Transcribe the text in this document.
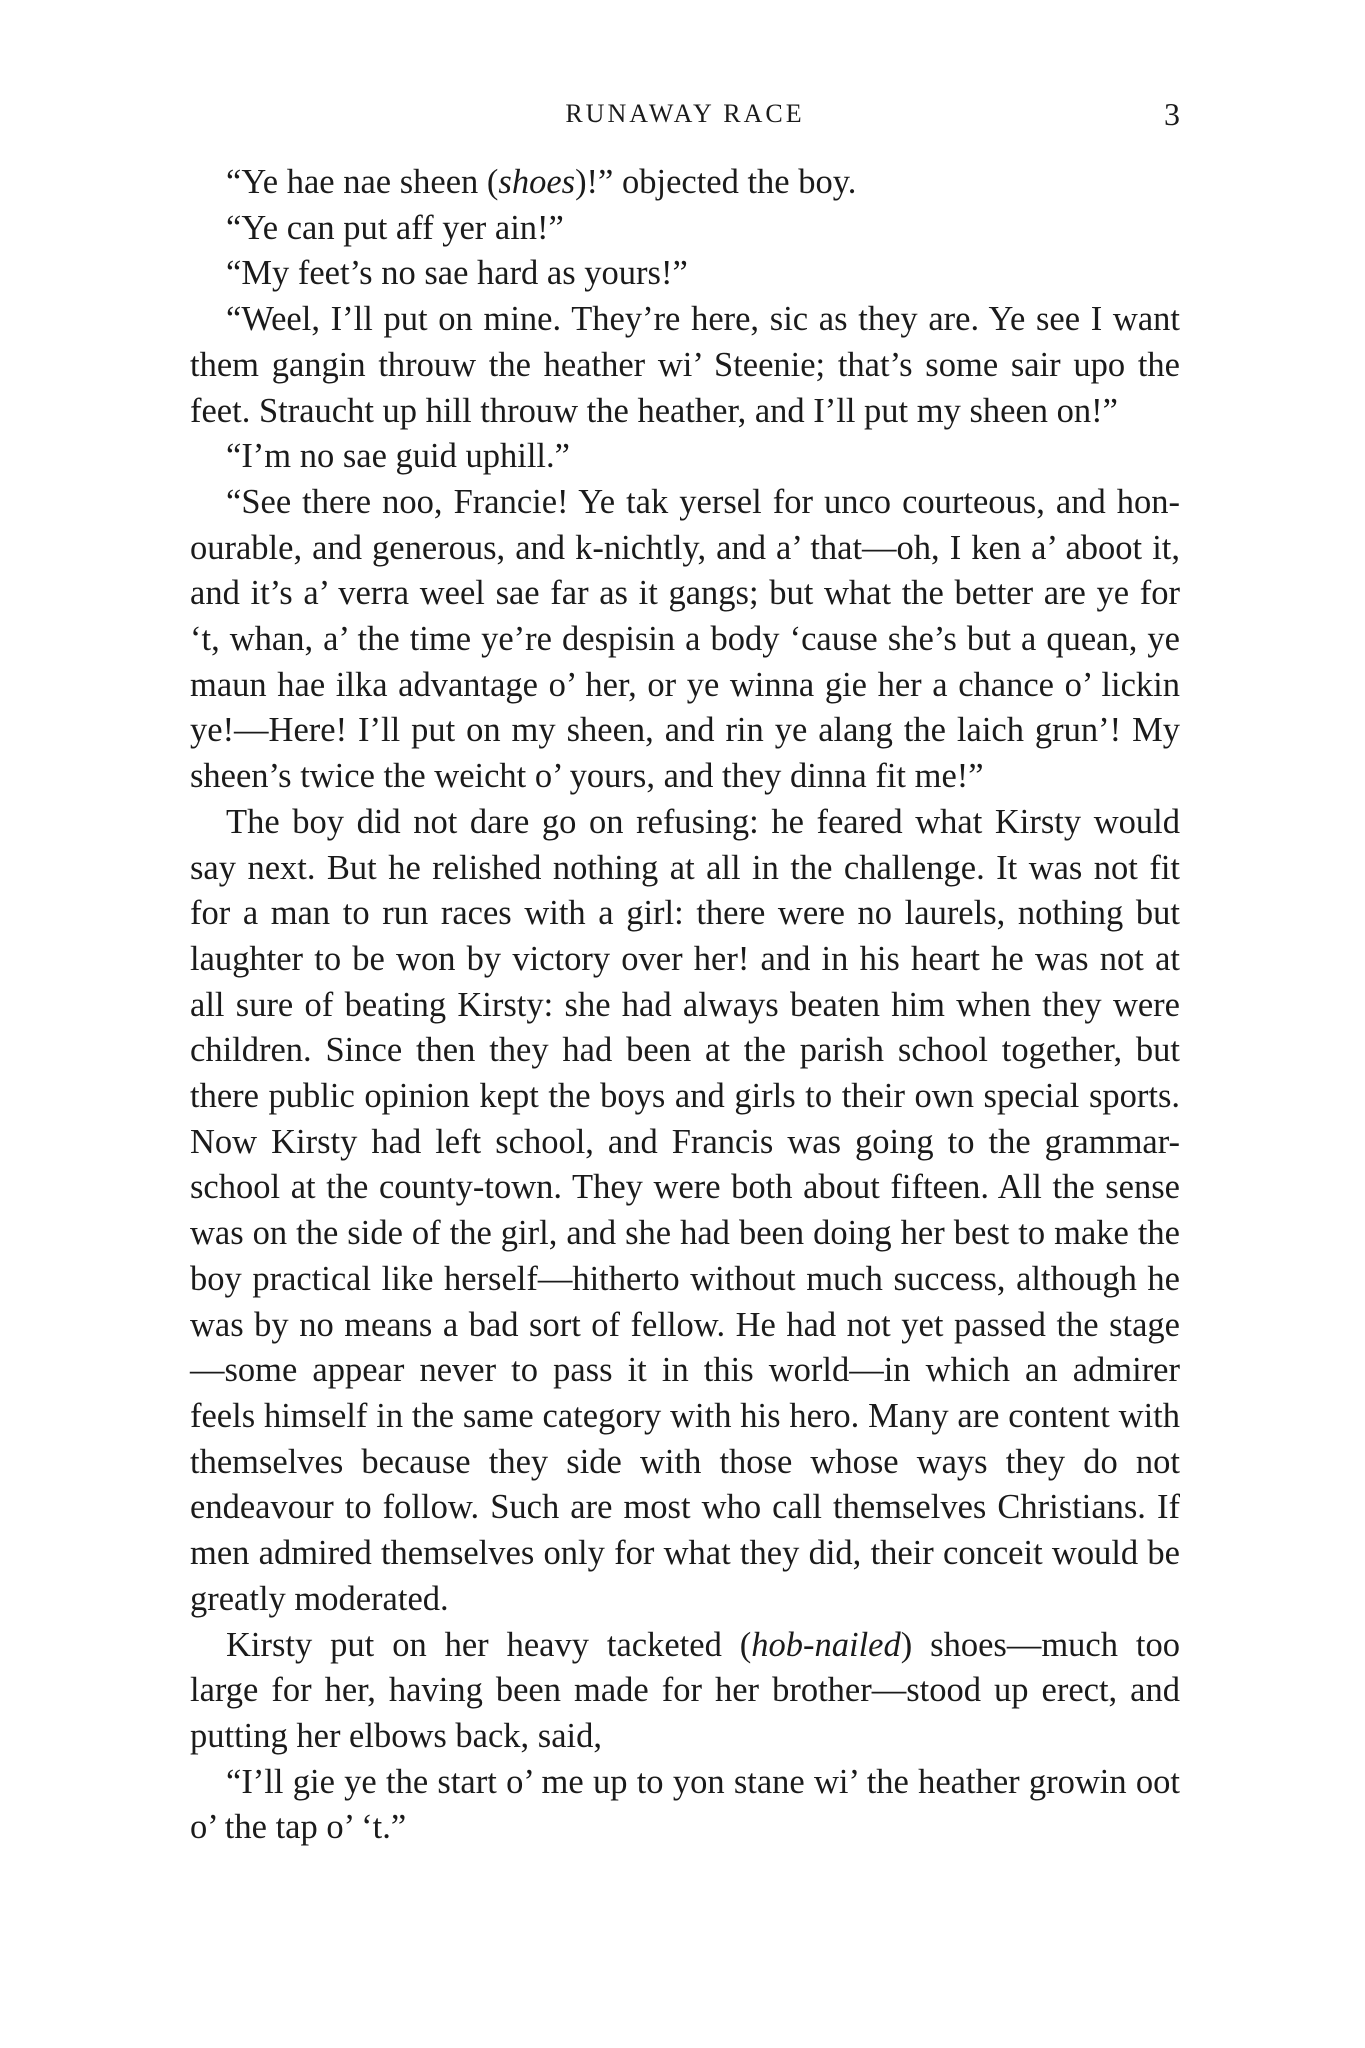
RUNAWAY RACE	3

“Ye hae nae sheen (shoes)!” objected the boy.

“Ye can put aff yer ain!”

“My feet’s no sae hard as yours!”

“Weel, I’ll put on mine. They’re here, sic as they are. Ye see I want them gangin throuw the heather wi’ Steenie; that’s some sair upo the feet. Straucht up hill throuw the heather, and I’ll put my sheen on!”

“I’m no sae guid uphill.”

“See there noo, Francie! Ye tak yersel for unco courteous, and honourable, and generous, and k-nichtly, and a’ that—oh, I ken a’ aboot it, and it’s a’ verra weel sae far as it gangs; but what the better are ye for ‘t, whan, a’ the time ye’re despisin a body ‘cause she’s but a quean, ye maun hae ilka advantage o’ her, or ye winna gie her a chance o’ lickin ye!—Here! I’ll put on my sheen, and rin ye alang the laich grun’! My sheen’s twice the weicht o’ yours, and they dinna fit me!”

The boy did not dare go on refusing: he feared what Kirsty would say next. But he relished nothing at all in the challenge. It was not fit for a man to run races with a girl: there were no laurels, nothing but laughter to be won by victory over her! and in his heart he was not at all sure of beating Kirsty: she had always beaten him when they were children. Since then they had been at the parish school together, but there public opinion kept the boys and girls to their own special sports. Now Kirsty had left school, and Francis was going to the grammar-school at the county-town. They were both about fifteen. All the sense was on the side of the girl, and she had been doing her best to make the boy practical like herself—hitherto without much success, although he was by no means a bad sort of fellow. He had not yet passed the stage—some appear never to pass it in this world—in which an admirer feels himself in the same category with his hero. Many are content with themselves because they side with those whose ways they do not endeavour to follow. Such are most who call themselves Christians. If men admired themselves only for what they did, their conceit would be greatly moderated.

Kirsty put on her heavy tacketed (hob-nailed) shoes—much too large for her, having been made for her brother—stood up erect, and putting her elbows back, said,

“I’ll gie ye the start o’ me up to yon stane wi’ the heather growin oot o’ the tap o’ ‘t.”
